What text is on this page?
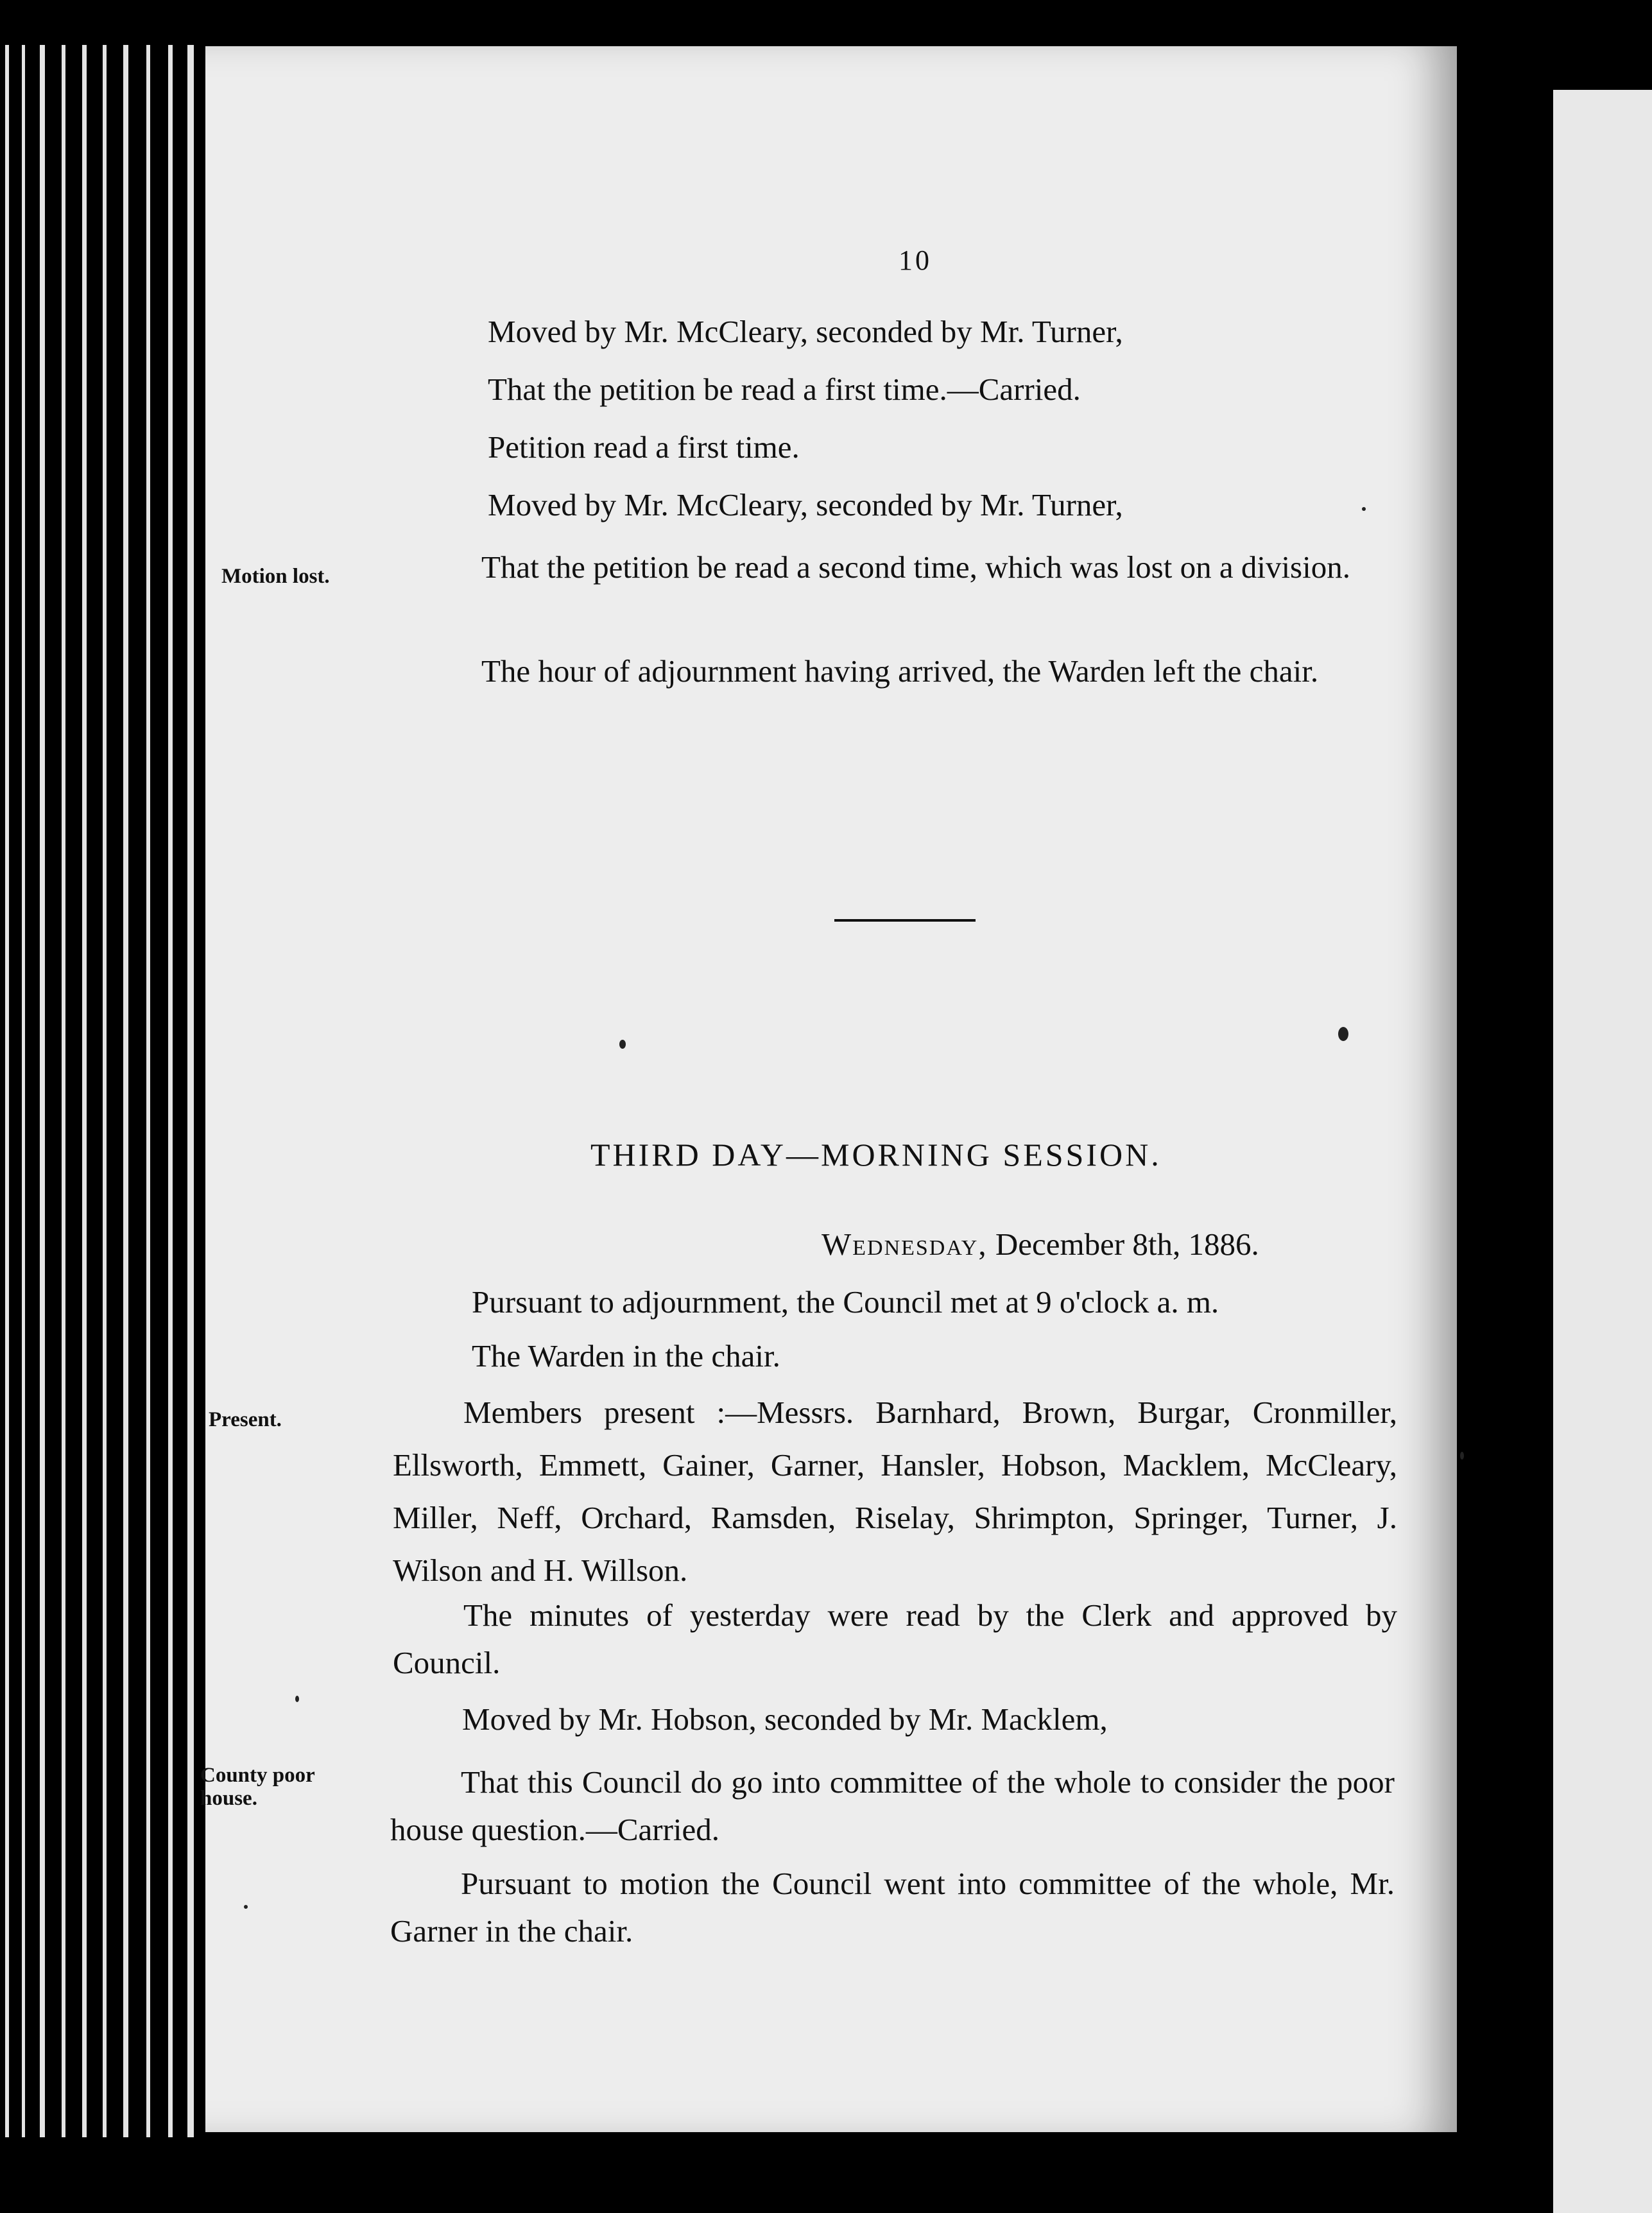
10
Moved by Mr. McCleary, seconded by Mr. Turner,
That the petition be read a first time.—Carried.
Petition read a first time.
Moved by Mr. McCleary, seconded by Mr. Turner,
Motion lost.	That the petition be read a second time, which was lost on a division.
The hour of adjournment having arrived, the Warden left the chair.
THIRD DAY—MORNING SESSION.
Wednesday, December 8th, 1886.
Pursuant to adjournment, the Council met at 9 o'clock a. m.
The Warden in the chair.
Present.	Members present :—Messrs. Barnhard, Brown, Burgar, Cronmiller, Ellsworth, Emmett, Gainer, Garner, Hansler, Hobson, Macklem, McCleary, Miller, Neff, Orchard, Ramsden, Riselay, Shrimpton, Springer, Turner, J. Wilson and H. Willson.
The minutes of yesterday were read by the Clerk and approved by Council.
Moved by Mr. Hobson, seconded by Mr. Macklem,
County poor house.	That this Council do go into committee of the whole to consider the poor house question.—Carried.
Pursuant to motion the Council went into committee of the whole, Mr. Garner in the chair.
